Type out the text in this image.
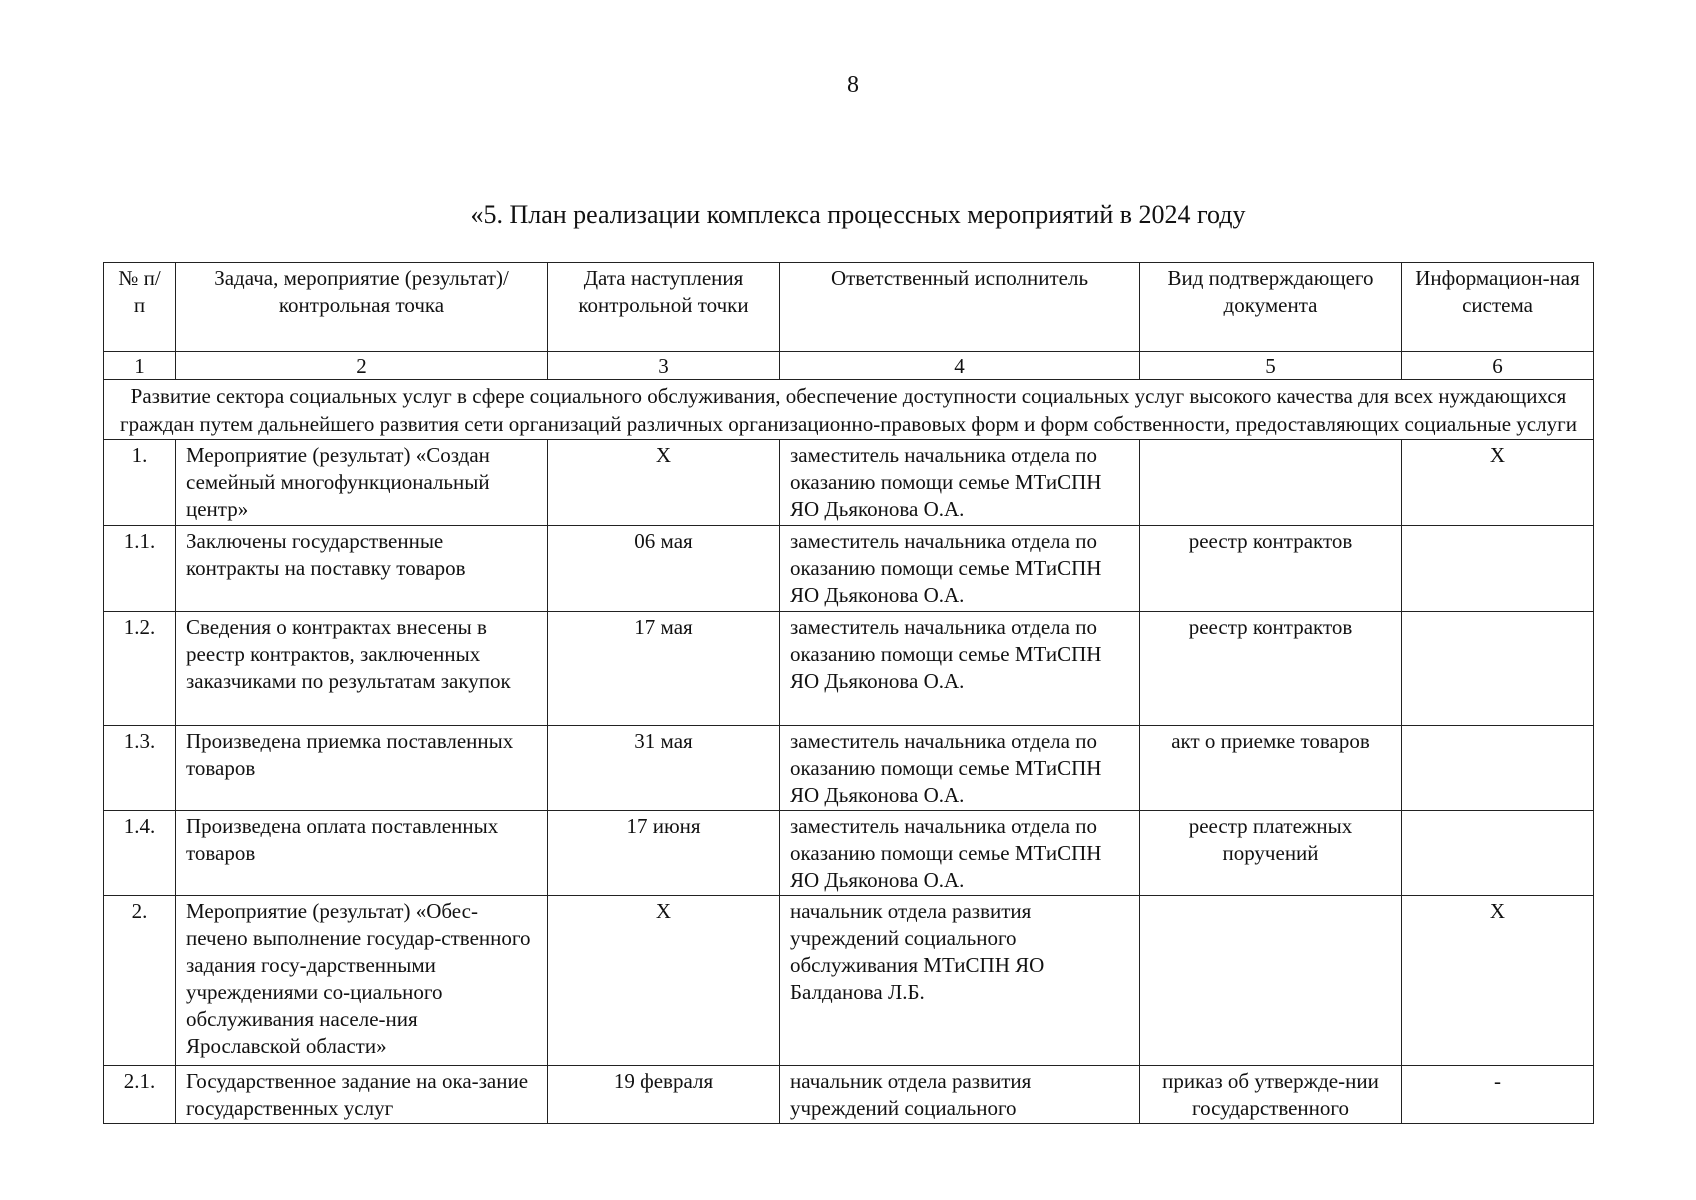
8
«5. План реализации комплекса процессных мероприятий в 2024 году
№ п/п	Задача, мероприятие (результат)/ контрольная точка	Дата наступления контрольной точки	Ответственный исполнитель	Вид подтверждающего документа	Информацион-ная система
1	2	3	4	5	6
Развитие сектора социальных услуг в сфере социального обслуживания, обеспечение доступности социальных услуг высокого качества для всех нуждающихся граждан путем дальнейшего развития сети организаций различных организационно-правовых форм и форм собственности, предоставляющих социальные услуги					
1.	Мероприятие (результат) «Создан семейный многофункциональный центр»	X	заместитель начальника отдела по оказанию помощи семье МТиСПН ЯО Дьяконова О.А.		X
1.1.	Заключены государственные контракты на поставку товаров	06 мая	заместитель начальника отдела по оказанию помощи семье МТиСПН ЯО Дьяконова О.А.	реестр контрактов	
1.2.	Сведения о контрактах внесены в реестр контрактов, заключенных заказчиками по результатам закупок	17 мая	заместитель начальника отдела по оказанию помощи семье МТиСПН ЯО Дьяконова О.А.	реестр контрактов	
1.3.	Произведена приемка поставленных товаров	31 мая	заместитель начальника отдела по оказанию помощи семье МТиСПН ЯО Дьяконова О.А.	акт о приемке товаров	
1.4.	Произведена оплата поставленных товаров	17 июня	заместитель начальника отдела по оказанию помощи семье МТиСПН ЯО Дьяконова О.А.	реестр платежных поручений	
2.	Мероприятие (результат) «Обес-печено выполнение государ-ственного задания госу-дарственными учреждениями со-циального обслуживания населе-ния Ярославской области»	X	начальник отдела развития учреждений социального обслуживания МТиСПН ЯО Балданова Л.Б.		X
2.1.	Государственное задание на ока-зание государственных услуг	19 февраля	начальник отдела развития учреждений социального	приказ об утвержде-нии государственного	-
